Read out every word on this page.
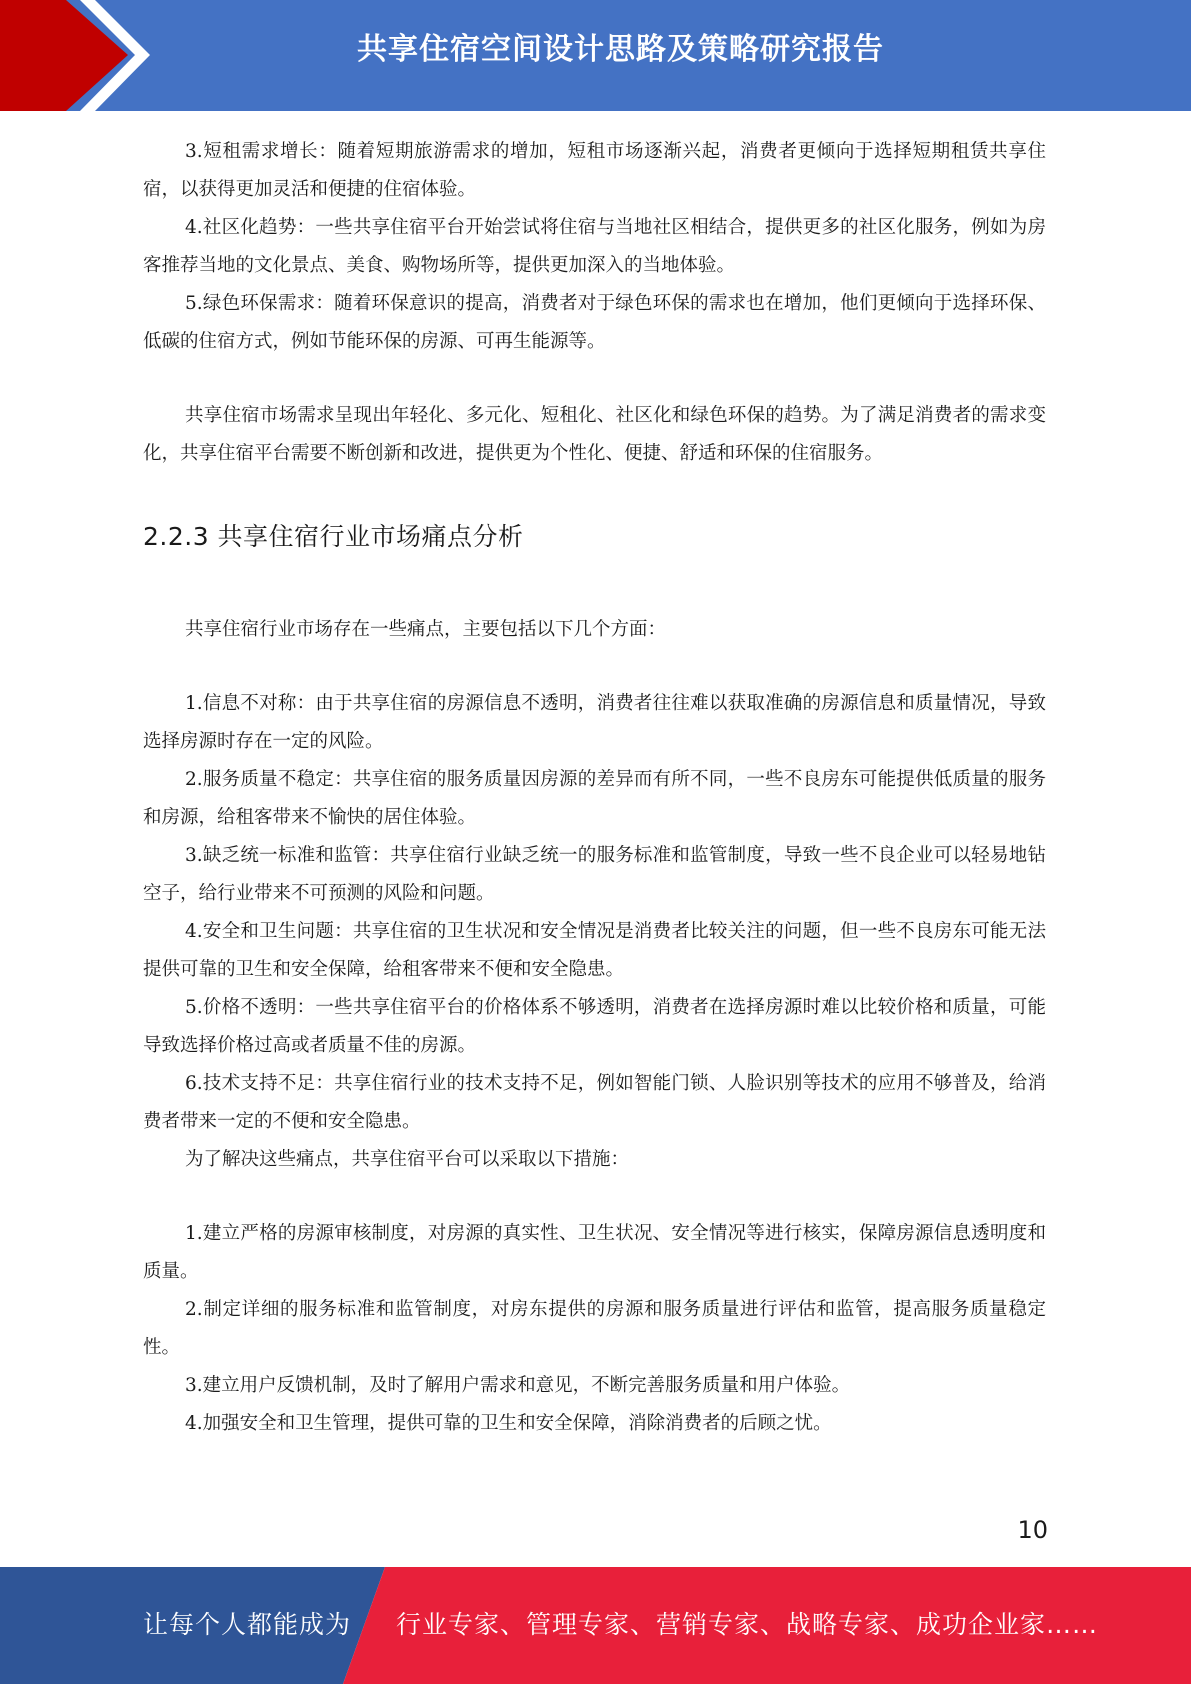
共享住宿空间设计思路及策略研究报告

3.短租需求增长：随着短期旅游需求的增加，短租市场逐渐兴起，消费者更倾向于选择短期租赁共享住宿，以获得更加灵活和便捷的住宿体验。

4.社区化趋势：一些共享住宿平台开始尝试将住宿与当地社区相结合，提供更多的社区化服务，例如为房客推荐当地的文化景点、美食、购物场所等，提供更加深入的当地体验。

5.绿色环保需求：随着环保意识的提高，消费者对于绿色环保的需求也在增加，他们更倾向于选择环保、低碳的住宿方式，例如节能环保的房源、可再生能源等。

共享住宿市场需求呈现出年轻化、多元化、短租化、社区化和绿色环保的趋势。为了满足消费者的需求变化，共享住宿平台需要不断创新和改进，提供更为个性化、便捷、舒适和环保的住宿服务。

2.2.3 共享住宿行业市场痛点分析

共享住宿行业市场存在一些痛点，主要包括以下几个方面：

1.信息不对称：由于共享住宿的房源信息不透明，消费者往往难以获取准确的房源信息和质量情况，导致选择房源时存在一定的风险。

2.服务质量不稳定：共享住宿的服务质量因房源的差异而有所不同，一些不良房东可能提供低质量的服务和房源，给租客带来不愉快的居住体验。

3.缺乏统一标准和监管：共享住宿行业缺乏统一的服务标准和监管制度，导致一些不良企业可以轻易地钻空子，给行业带来不可预测的风险和问题。

4.安全和卫生问题：共享住宿的卫生状况和安全情况是消费者比较关注的问题，但一些不良房东可能无法提供可靠的卫生和安全保障，给租客带来不便和安全隐患。

5.价格不透明：一些共享住宿平台的价格体系不够透明，消费者在选择房源时难以比较价格和质量，可能导致选择价格过高或者质量不佳的房源。

6.技术支持不足：共享住宿行业的技术支持不足，例如智能门锁、人脸识别等技术的应用不够普及，给消费者带来一定的不便和安全隐患。

为了解决这些痛点，共享住宿平台可以采取以下措施：

1.建立严格的房源审核制度，对房源的真实性、卫生状况、安全情况等进行核实，保障房源信息透明度和质量。

2.制定详细的服务标准和监管制度，对房东提供的房源和服务质量进行评估和监管，提高服务质量稳定性。

3.建立用户反馈机制，及时了解用户需求和意见，不断完善服务质量和用户体验。

4.加强安全和卫生管理，提供可靠的卫生和安全保障，消除消费者的后顾之忧。

10
让每个人都能成为 行业专家、管理专家、营销专家、战略专家、成功企业家……
